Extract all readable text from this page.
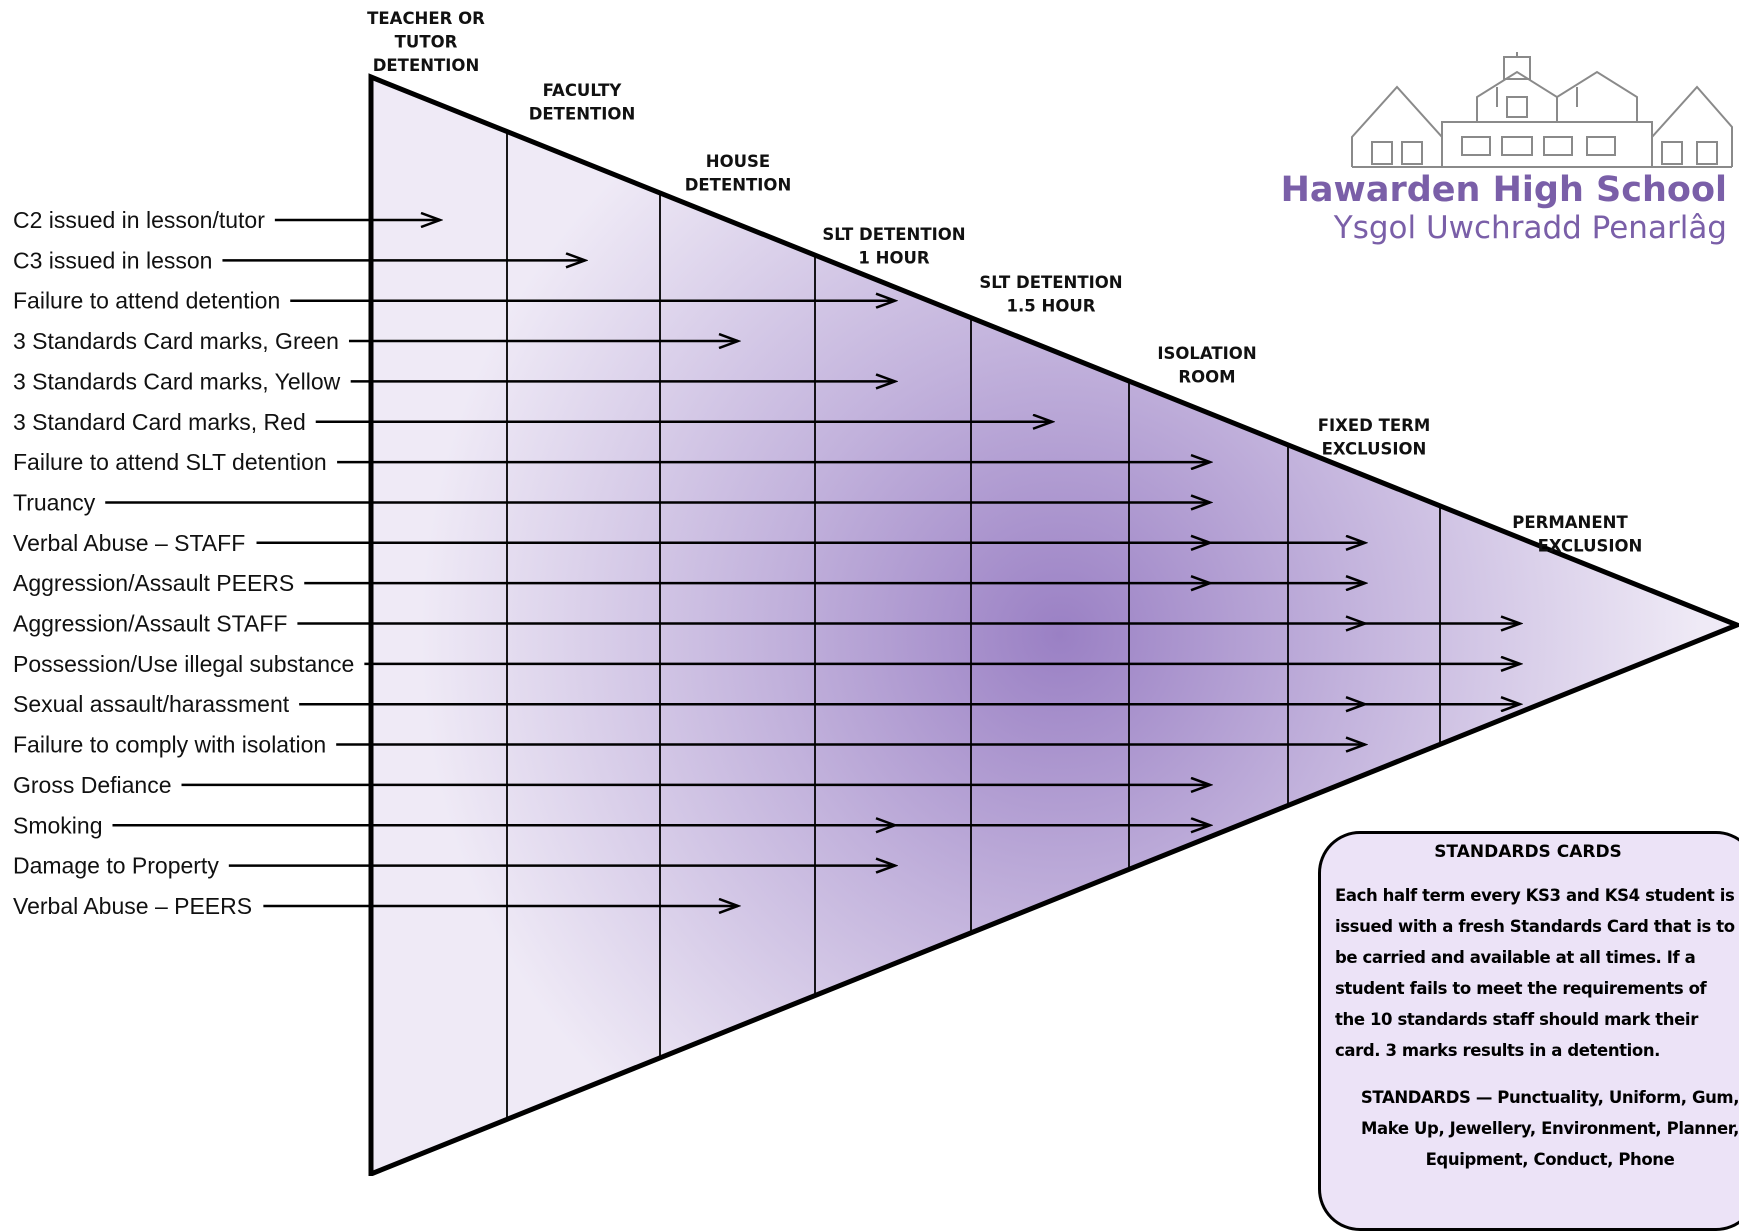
TEACHER OR TUTOR DETENTION
FACULTY DETENTION
HOUSE DETENTION
SLT DETENTION 1 HOUR
SLT DETENTION 1.5 HOUR
ISOLATION ROOM
FIXED TERM EXCLUSION
PERMANENT EXCLUSION
C2 issued in lesson/tutor
C3 issued in lesson
Failure to attend detention
3 Standards Card marks, Green
3 Standards Card marks, Yellow
3 Standard Card marks, Red
Failure to attend SLT detention
Truancy
Verbal Abuse – STAFF
Aggression/Assault PEERS
Aggression/Assault STAFF
Possession/Use illegal substance
Sexual assault/harassment
Failure to comply with isolation
Gross Defiance
Smoking
Damage to Property
Verbal Abuse – PEERS
Hawarden High School
Ysgol Uwchradd Penarlâg
STANDARDS CARDS
Each half term every KS3 and KS4 student is issued with a fresh Standards Card that is to be carried and available at all times. If a student fails to meet the requirements of the 10 standards staff should mark their card. 3 marks results in a detention.
STANDARDS — Punctuality, Uniform, Gum, Make Up, Jewellery, Environment, Planner, Equipment, Conduct, Phone
